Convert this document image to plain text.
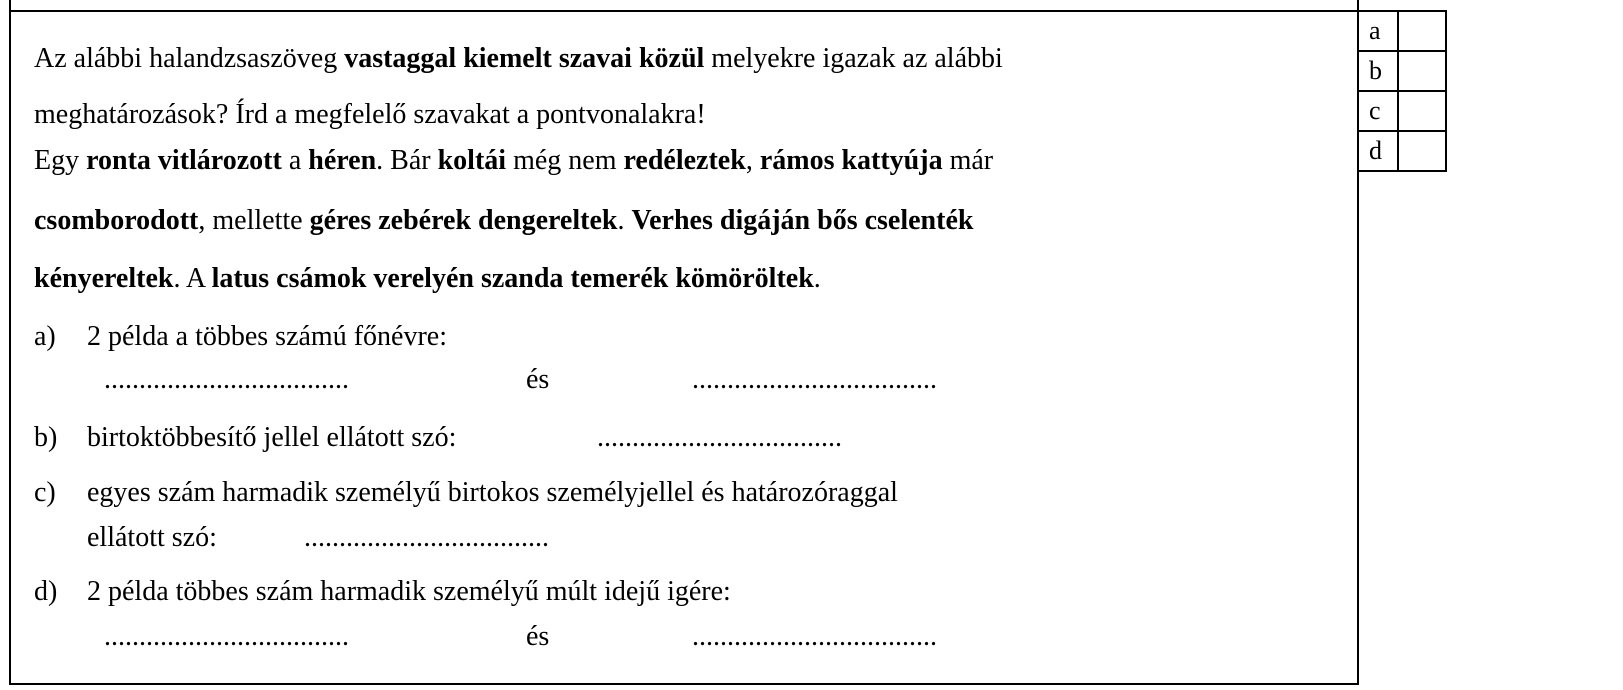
a	
b	
c	
d	
Az alábbi halandzsaszöveg vastaggal kiemelt szavai közül melyekre igazak az alábbi
meghatározások? Írd a megfelelő szavakat a pontvonalakra!
Egy ronta vitlározott a héren. Bár koltái még nem redéleztek, rámos kattyúja már
csomborodott, mellette géres zebérek dengereltek. Verhes digáján bős cselenték
kényereltek. A latus csámok verelyén szanda temerék kömöröltek.
a) 2 példa a többes számú főnévre:
...................................	és	...................................
b) birtoktöbbesítő jellel ellátott szó:	...................................
c) egyes szám harmadik személyű birtokos személyjellel és határozóraggal
ellátott szó:	...................................
d) 2 példa többes szám harmadik személyű múlt idejű igére:
...................................	és	...................................
